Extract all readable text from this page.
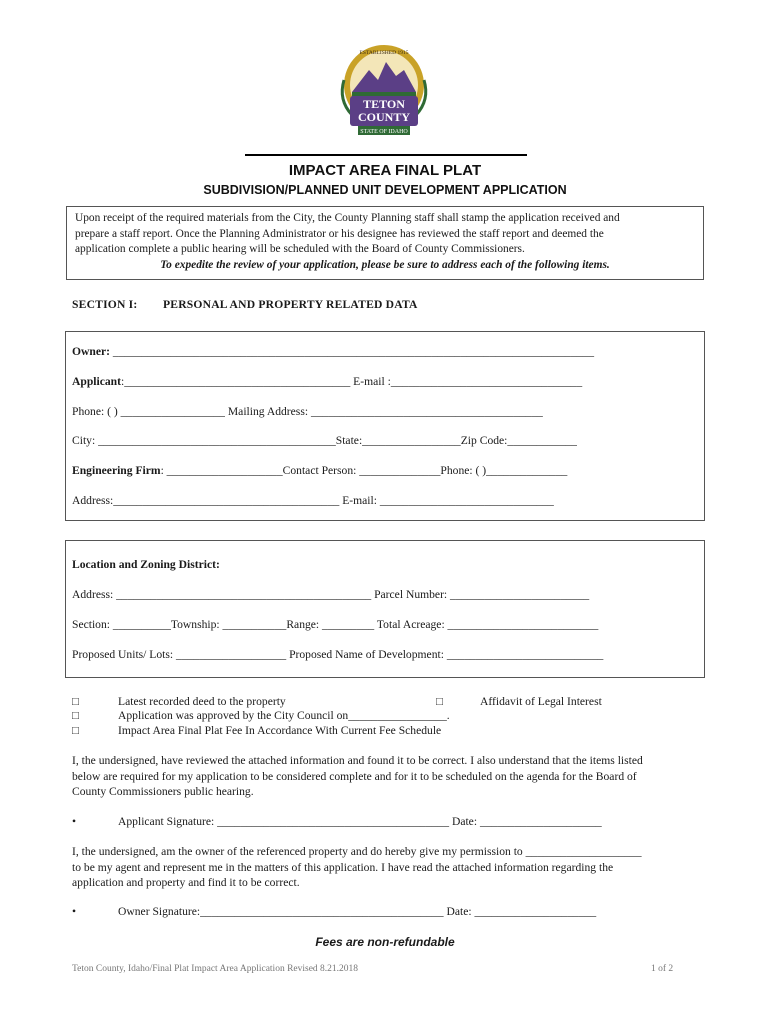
TETON
COUNTY
STATE OF IDAHO
ESTABLISHED 1915
IMPACT AREA FINAL PLAT
SUBDIVISION/PLANNED UNIT DEVELOPMENT APPLICATION
Upon receipt of the required materials from the City, the County Planning staff shall stamp the application received and
prepare a staff report. Once the Planning Administrator or his designee has reviewed the staff report and deemed the
application complete a public hearing will be scheduled with the Board of County Commissioners.
To expedite the review of your application, please be sure to address each of the following items.
SECTION I: PERSONAL AND PROPERTY RELATED DATA
Owner: ___________________________________________________________________________________
Applicant:_______________________________________ E-mail :_________________________________
Phone: ( ) __________________ Mailing Address: ________________________________________
City: _________________________________________State:_________________Zip Code:____________
Engineering Firm: ____________________Contact Person: ______________Phone: ( )______________
Address:_______________________________________ E-mail: ______________________________
Location and Zoning District:
Address: ____________________________________________ Parcel Number: ________________________
Section: __________Township: ___________Range: _________ Total Acreage: __________________________
Proposed Units/ Lots: ___________________ Proposed Name of Development: ___________________________
□	Latest recorded deed to the property	□	Affidavit of Legal Interest
□	Application was approved by the City Council on_________________.
□	Impact Area Final Plat Fee In Accordance With Current Fee Schedule
I, the undersigned, have reviewed the attached information and found it to be correct. I also understand that the items listed
below are required for my application to be considered complete and for it to be scheduled on the agenda for the Board of
County Commissioners public hearing.
•	Applicant Signature: ________________________________________ Date: _____________________
I, the undersigned, am the owner of the referenced property and do hereby give my permission to ____________________
to be my agent and represent me in the matters of this application. I have read the attached information regarding the
application and property and find it to be correct.
•	Owner Signature:__________________________________________ Date: _____________________
Fees are non-refundable
Teton County, Idaho/Final Plat Impact Area Application Revised 8.21.2018	1 of 2
